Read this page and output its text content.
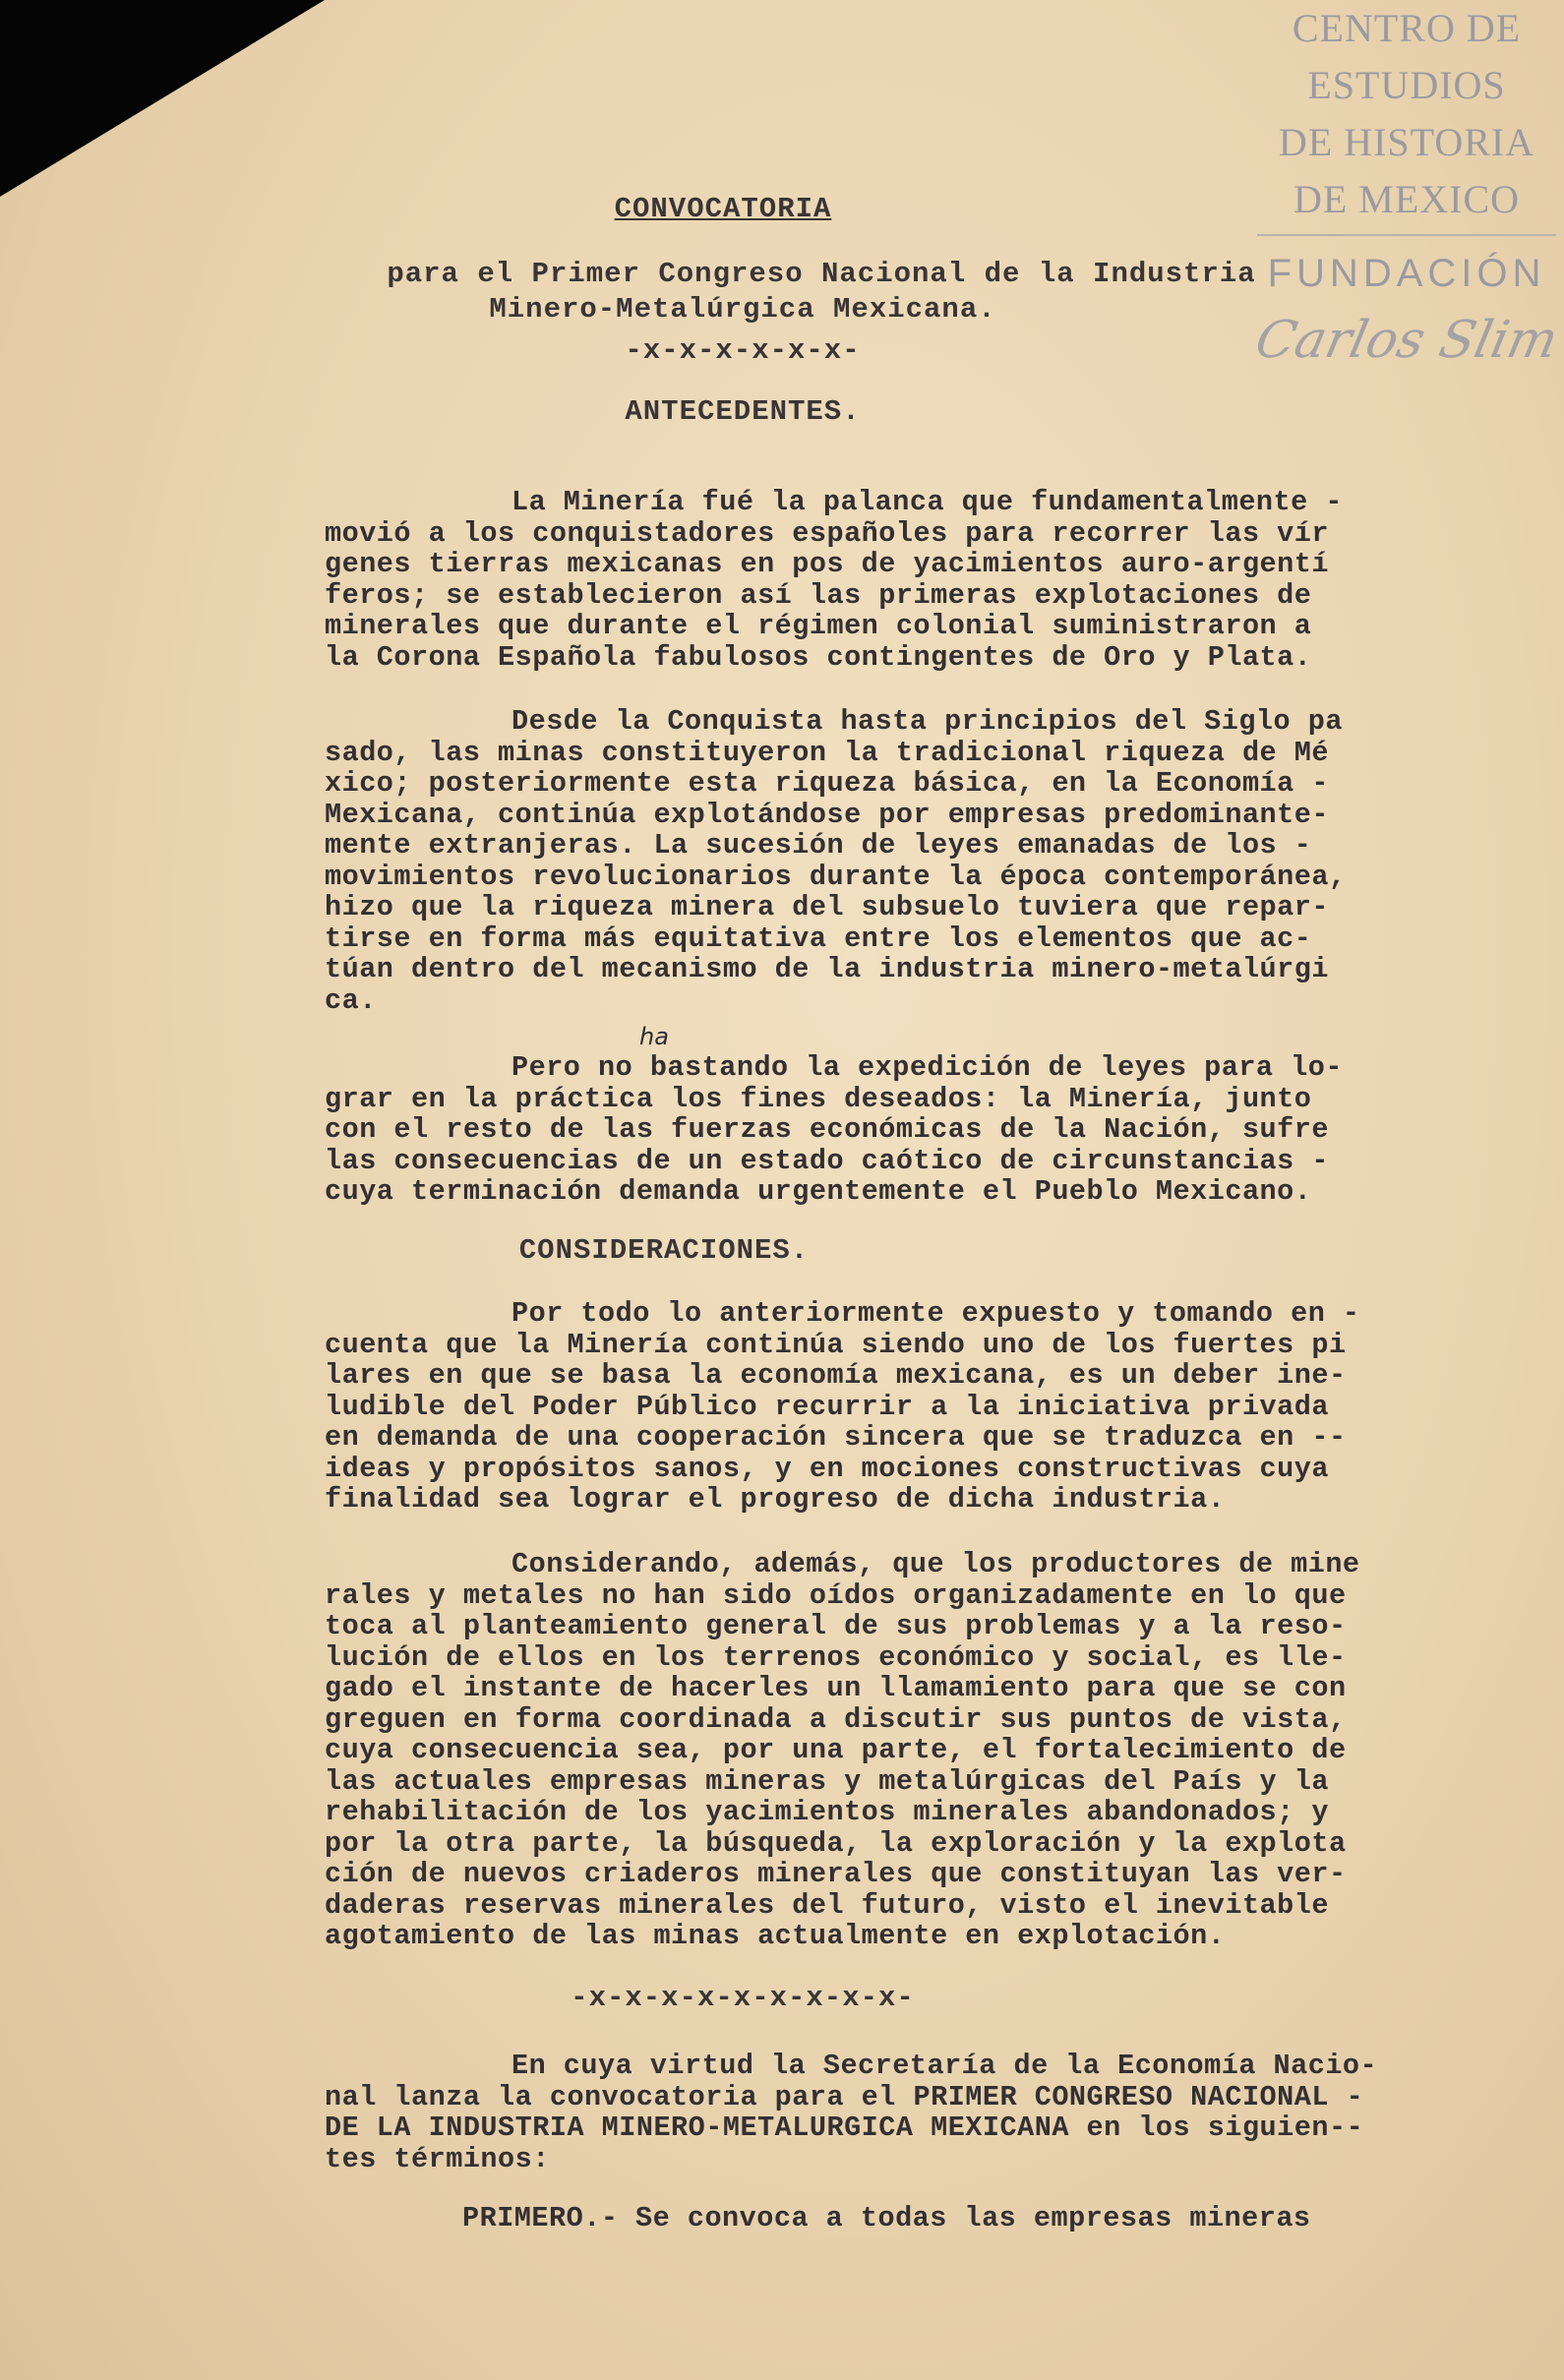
CENTRO DE
ESTUDIOS
DE HISTORIA
DE MEXICO
FUNDACIÓN
Carlos Slim
CONVOCATORIA
para el Primer Congreso Nacional de la Industria
Minero-Metalúrgica Mexicana.
-x-x-x-x-x-x-
ANTECEDENTES.
La Minería fué la palanca que fundamentalmente -
movió a los conquistadores españoles para recorrer las vír
genes tierras mexicanas en pos de yacimientos auro-argentí
feros; se establecieron así las primeras explotaciones de
minerales que durante el régimen colonial suministraron a
la Corona Española fabulosos contingentes de Oro y Plata.
Desde la Conquista hasta principios del Siglo pa
sado, las minas constituyeron la tradicional riqueza de Mé
xico; posteriormente esta riqueza básica, en la Economía -
Mexicana, continúa explotándose por empresas predominante-
mente extranjeras. La sucesión de leyes emanadas de los -
movimientos revolucionarios durante la época contemporánea,
hizo que la riqueza minera del subsuelo tuviera que repar-
tirse en forma más equitativa entre los elementos que ac-
túan dentro del mecanismo de la industria minero-metalúrgi
ca.
ha
Pero no bastando la expedición de leyes para lo-
grar en la práctica los fines deseados: la Minería, junto
con el resto de las fuerzas económicas de la Nación, sufre
las consecuencias de un estado caótico de circunstancias -
cuya terminación demanda urgentemente el Pueblo Mexicano.
CONSIDERACIONES.
Por todo lo anteriormente expuesto y tomando en -
cuenta que la Minería continúa siendo uno de los fuertes pi
lares en que se basa la economía mexicana, es un deber ine-
ludible del Poder Público recurrir a la iniciativa privada
en demanda de una cooperación sincera que se traduzca en --
ideas y propósitos sanos, y en mociones constructivas cuya
finalidad sea lograr el progreso de dicha industria.
Considerando, además, que los productores de mine
rales y metales no han sido oídos organizadamente en lo que
toca al planteamiento general de sus problemas y a la reso-
lución de ellos en los terrenos económico y social, es lle-
gado el instante de hacerles un llamamiento para que se con
greguen en forma coordinada a discutir sus puntos de vista,
cuya consecuencia sea, por una parte, el fortalecimiento de
las actuales empresas mineras y metalúrgicas del País y la
rehabilitación de los yacimientos minerales abandonados; y
por la otra parte, la búsqueda, la exploración y la explota
ción de nuevos criaderos minerales que constituyan las ver-
daderas reservas minerales del futuro, visto el inevitable
agotamiento de las minas actualmente en explotación.
-x-x-x-x-x-x-x-x-x-
En cuya virtud la Secretaría de la Economía Nacio-
nal lanza la convocatoria para el PRIMER CONGRESO NACIONAL -
DE LA INDUSTRIA MINERO-METALURGICA MEXICANA en los siguien--
tes términos:
PRIMERO.- Se convoca a todas las empresas mineras
